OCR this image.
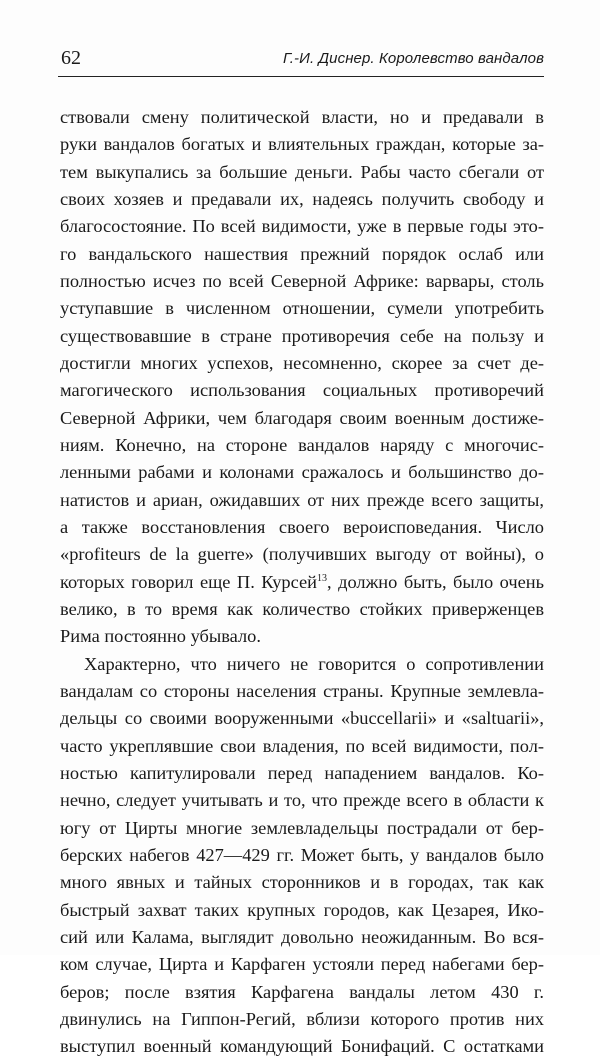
62	Г.-И. Диснер. Королевство вандалов
ствовали смену политической власти, но и предавали в
руки вандалов богатых и влиятельных граждан, которые за-
тем выкупались за большие деньги. Рабы часто сбегали от
своих хозяев и предавали их, надеясь получить свободу и
благосостояние. По всей видимости, уже в первые годы это-
го вандальского нашествия прежний порядок ослаб или
полностью исчез по всей Северной Африке: варвары, столь
уступавшие в численном отношении, сумели употребить
существовавшие в стране противоречия себе на пользу и
достигли многих успехов, несомненно, скорее за счет де-
магогического использования социальных противоречий
Северной Африки, чем благодаря своим военным достиже-
ниям. Конечно, на стороне вандалов наряду с многочис-
ленными рабами и колонами сражалось и большинство до-
натистов и ариан, ожидавших от них прежде всего защиты,
а также восстановления своего вероисповедания. Число
«profiteurs de la guerre» (получивших выгоду от войны), о
которых говорил еще П. Курсей$^{13}$, должно быть, было очень
велико, в то время как количество стойких приверженцев
Рима постоянно убывало.
Характерно, что ничего не говорится о сопротивлении
вандалам со стороны населения страны. Крупные землевла-
дельцы со своими вооруженными «buccellarii» и «saltuarii»,
часто укреплявшие свои владения, по всей видимости, пол-
ностью капитулировали перед нападением вандалов. Ко-
нечно, следует учитывать и то, что прежде всего в области к
югу от Цирты многие землевладельцы пострадали от бер-
берских набегов 427—429 гг. Может быть, у вандалов было
много явных и тайных сторонников и в городах, так как
быстрый захват таких крупных городов, как Цезарея, Ико-
сий или Калама, выглядит довольно неожиданным. Во вся-
ком случае, Цирта и Карфаген устояли перед набегами бер-
беров; после взятия Карфагена вандалы летом 430 г.
двинулись на Гиппон-Регий, вблизи которого против них
выступил военный командующий Бонифаций. С остатками
